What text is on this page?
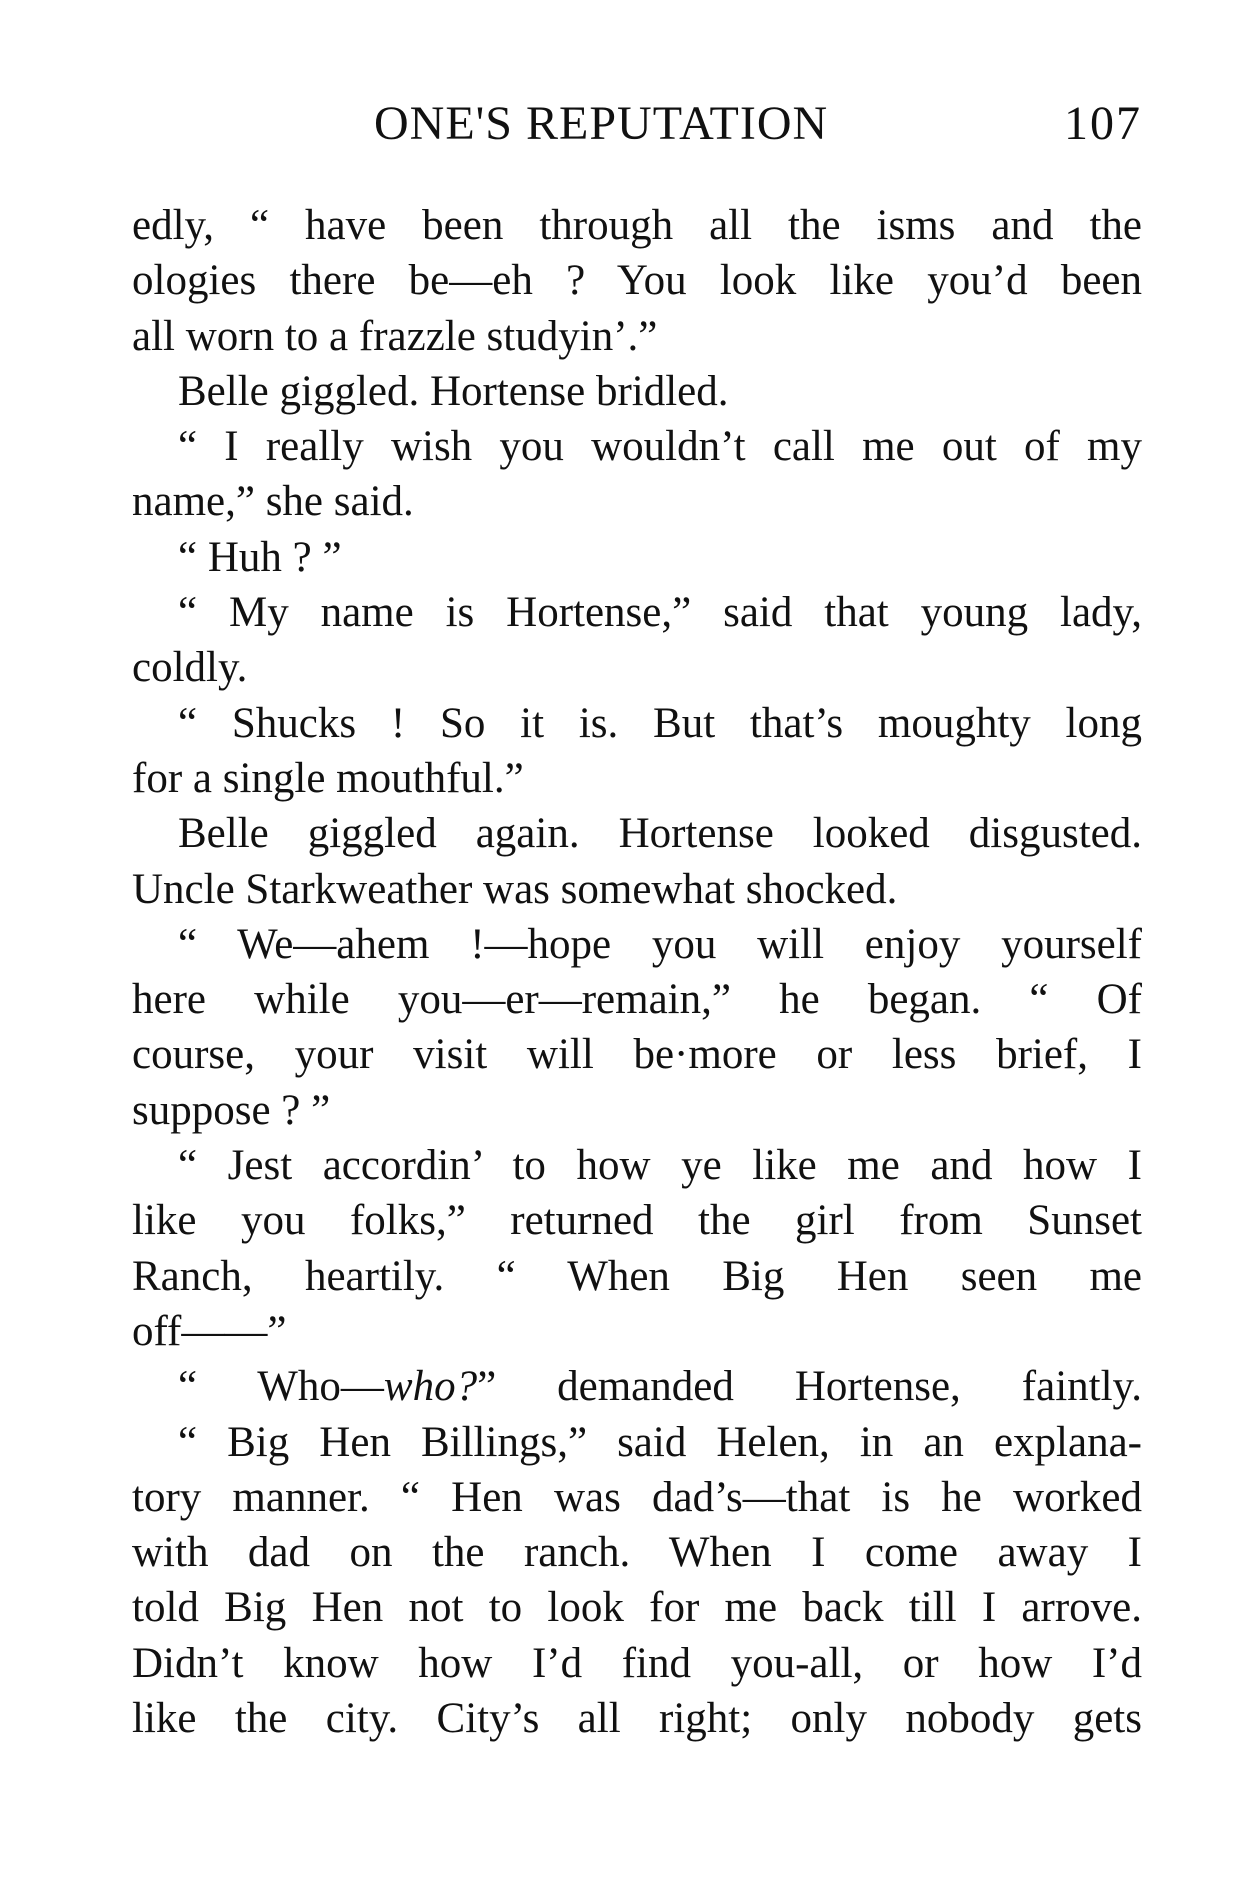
ONE'S REPUTATION	107
edly, “ have been through all the isms and the
ologies there be—eh ? You look like you’d been
all worn to a frazzle studyin’.”
Belle giggled. Hortense bridled.
“ I really wish you wouldn’t call me out of my
name,” she said.
“ Huh ? ”
“ My name is Hortense,” said that young lady,
coldly.
“ Shucks ! So it is. But that’s moughty long
for a single mouthful.”
Belle giggled again. Hortense looked disgusted.
Uncle Starkweather was somewhat shocked.
“ We—ahem !—hope you will enjoy yourself
here while you—er—remain,” he began. “ Of
course, your visit will be·more or less brief, I
suppose ? ”
“ Jest accordin’ to how ye like me and how I
like you folks,” returned the girl from Sunset
Ranch, heartily. “ When Big Hen seen me
off——”
“ Who—who?” demanded Hortense, faintly.
“ Big Hen Billings,” said Helen, in an explana-
tory manner. “ Hen was dad’s—that is he worked
with dad on the ranch. When I come away I
told Big Hen not to look for me back till I arrove.
Didn’t know how I’d find you-all, or how I’d
like the city. City’s all right; only nobody gets
